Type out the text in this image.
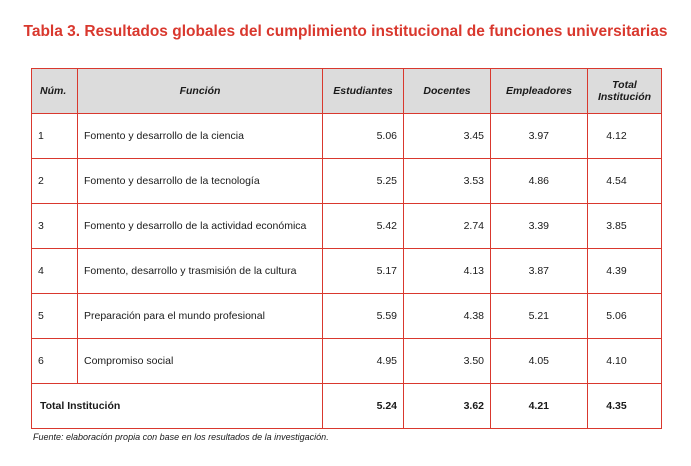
Tabla 3. Resultados globales del cumplimiento institucional de funciones universitarias
Núm.	Función	Estudiantes	Docentes	Empleadores	Total
Institución
1	Fomento y desarrollo de la ciencia	5.06	3.45	3.97	4.12
2	Fomento y desarrollo de la tecnología	5.25	3.53	4.86	4.54
3	Fomento y desarrollo de la actividad económica	5.42	2.74	3.39	3.85
4	Fomento, desarrollo y trasmisión de la cultura	5.17	4.13	3.87	4.39
5	Preparación para el mundo profesional	5.59	4.38	5.21	5.06
6	Compromiso social	4.95	3.50	4.05	4.10
Total Institución		5.24	3.62	4.21	4.35
Fuente: elaboración propia con base en los resultados de la investigación.
